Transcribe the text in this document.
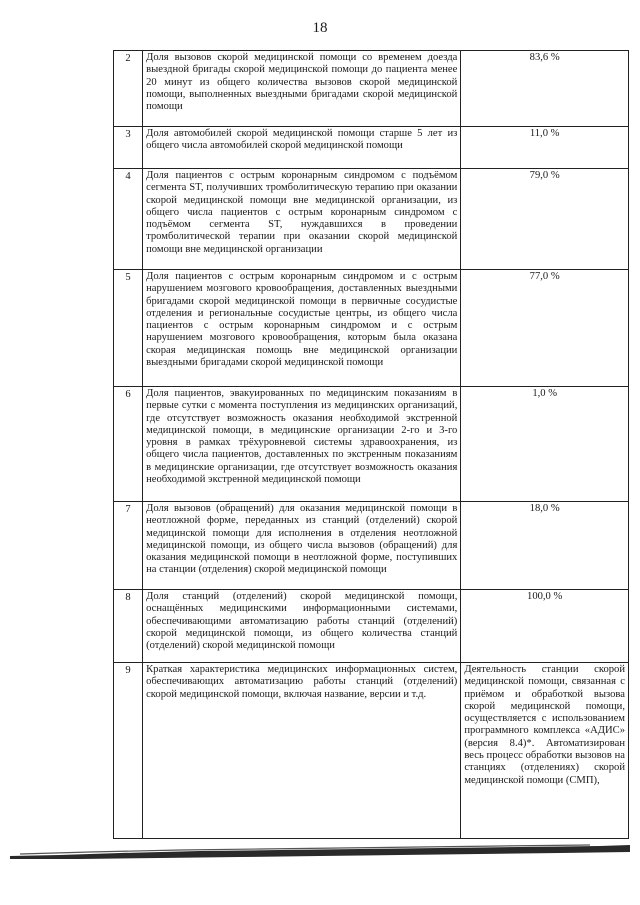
18
2	Доля вызовов скорой медицинской помощи со временем доезда выездной бригады скорой медицинской помощи до пациента менее 20 минут из общего количества вызовов скорой медицинской помощи, выполненных выездными бригадами скорой медицинской помощи	83,6 %
3	Доля автомобилей скорой медицинской помощи старше 5 лет из общего числа автомобилей скорой медицинской помощи	11,0 %
4	Доля пациентов с острым коронарным синдромом с подъёмом сегмента ST, получивших тромболитическую терапию при оказании скорой медицинской помощи вне медицинской организации, из общего числа пациентов с острым коронарным синдромом с подъёмом сегмента ST, нуждавшихся в проведении тромболитической терапии при оказании скорой медицинской помощи вне медицинской организации	79,0 %
5	Доля пациентов с острым коронарным синдромом и с острым нарушением мозгового кровообращения, доставленных выездными бригадами скорой медицинской помощи в первичные сосудистые отделения и региональные сосудистые центры, из общего числа пациентов с острым коронарным синдромом и с острым нарушением мозгового кровообращения, которым была оказана скорая медицинская помощь вне медицинской организации выездными бригадами скорой медицинской помощи	77,0 %
6	Доля пациентов, эвакуированных по медицинским показаниям в первые сутки с момента поступления из медицинских организаций, где отсутствует возможность оказания необходимой экстренной медицинской помощи, в медицинские организации 2-го и 3-го уровня в рамках трёхуровневой системы здравоохранения, из общего числа пациентов, доставленных по экстренным показаниям в медицинские организации, где отсутствует возможность оказания необходимой экстренной медицинской помощи	1,0 %
7	Доля вызовов (обращений) для оказания медицинской помощи в неотложной форме, переданных из станций (отделений) скорой медицинской помощи для исполнения в отделения неотложной медицинской помощи, из общего числа вызовов (обращений) для оказания медицинской помощи в неотложной форме, поступивших на станции (отделения) скорой медицинской помощи	18,0 %
8	Доля станций (отделений) скорой медицинской помощи, оснащённых медицинскими информационными системами, обеспечивающими автоматизацию работы станций (отделений) скорой медицинской помощи, из общего количества станций (отделений) скорой медицинской помощи	100,0 %
9	Краткая характеристика медицинских информационных систем, обеспечивающих автоматизацию работы станций (отделений) скорой медицинской помощи, включая название, версии и т.д.	Деятельность станции скорой медицинской помощи, связанная с приёмом и обработкой вызова скорой медицинской помощи, осуществляется с использованием программного комплекса «АДИС» (версия 8.4)*. Автоматизирован весь процесс обработки вызовов на станциях (отделениях) скорой медицинской помощи (СМП),
